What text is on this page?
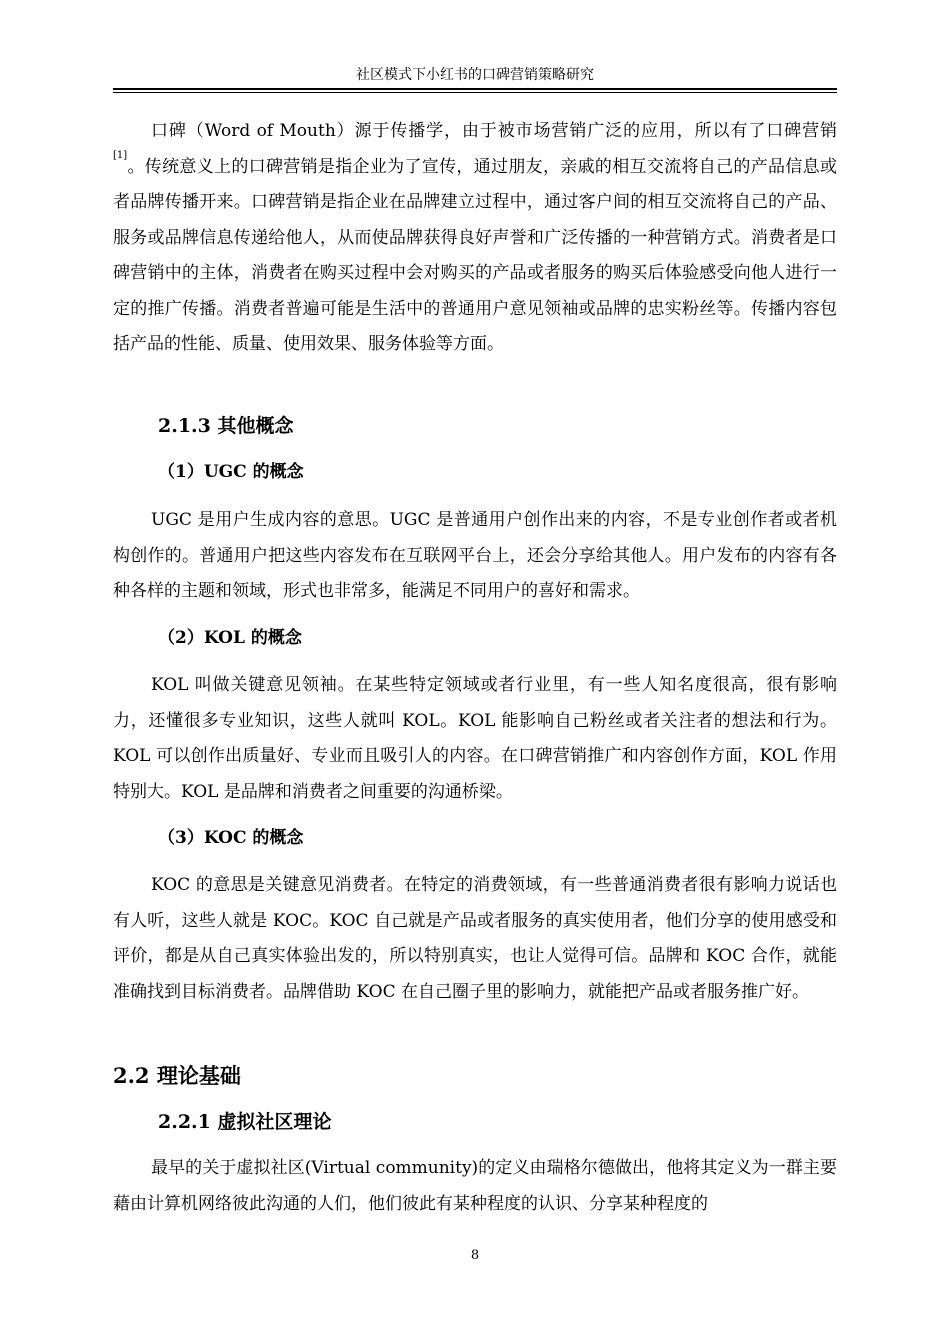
社区模式下小红书的口碑营销策略研究

口碑（Word of Mouth）源于传播学，由于被市场营销广泛的应用，所以有了口碑营销[1]。传统意义上的口碑营销是指企业为了宣传，通过朋友，亲戚的相互交流将自己的产品信息或者品牌传播开来。口碑营销是指企业在品牌建立过程中，通过客户间的相互交流将自己的产品、服务或品牌信息传递给他人，从而使品牌获得良好声誉和广泛传播的一种营销方式。消费者是口碑营销中的主体，消费者在购买过程中会对购买的产品或者服务的购买后体验感受向他人进行一定的推广传播。消费者普遍可能是生活中的普通用户意见领袖或品牌的忠实粉丝等。传播内容包括产品的性能、质量、使用效果、服务体验等方面。

2.1.3 其他概念
（1）UGC 的概念

UGC 是用户生成内容的意思。UGC 是普通用户创作出来的内容，不是专业创作者或者机构创作的。普通用户把这些内容发布在互联网平台上，还会分享给其他人。用户发布的内容有各种各样的主题和领域，形式也非常多，能满足不同用户的喜好和需求。

（2）KOL 的概念

KOL 叫做关键意见领袖。在某些特定领域或者行业里，有一些人知名度很高，很有影响力，还懂很多专业知识，这些人就叫 KOL。KOL 能影响自己粉丝或者关注者的想法和行为。KOL 可以创作出质量好、专业而且吸引人的内容。在口碑营销推广和内容创作方面，KOL 作用特别大。KOL 是品牌和消费者之间重要的沟通桥梁。

（3）KOC 的概念

KOC 的意思是关键意见消费者。在特定的消费领域，有一些普通消费者很有影响力说话也有人听，这些人就是 KOC。KOC 自己就是产品或者服务的真实使用者，他们分享的使用感受和评价，都是从自己真实体验出发的，所以特别真实，也让人觉得可信。品牌和 KOC 合作，就能准确找到目标消费者。品牌借助 KOC 在自己圈子里的影响力，就能把产品或者服务推广好。

2.2 理论基础
2.2.1 虚拟社区理论

最早的关于虚拟社区(Virtual community)的定义由瑞格尔德做出，他将其定义为一群主要藉由计算机网络彼此沟通的人们，他们彼此有某种程度的认识、分享某种程度的

8
